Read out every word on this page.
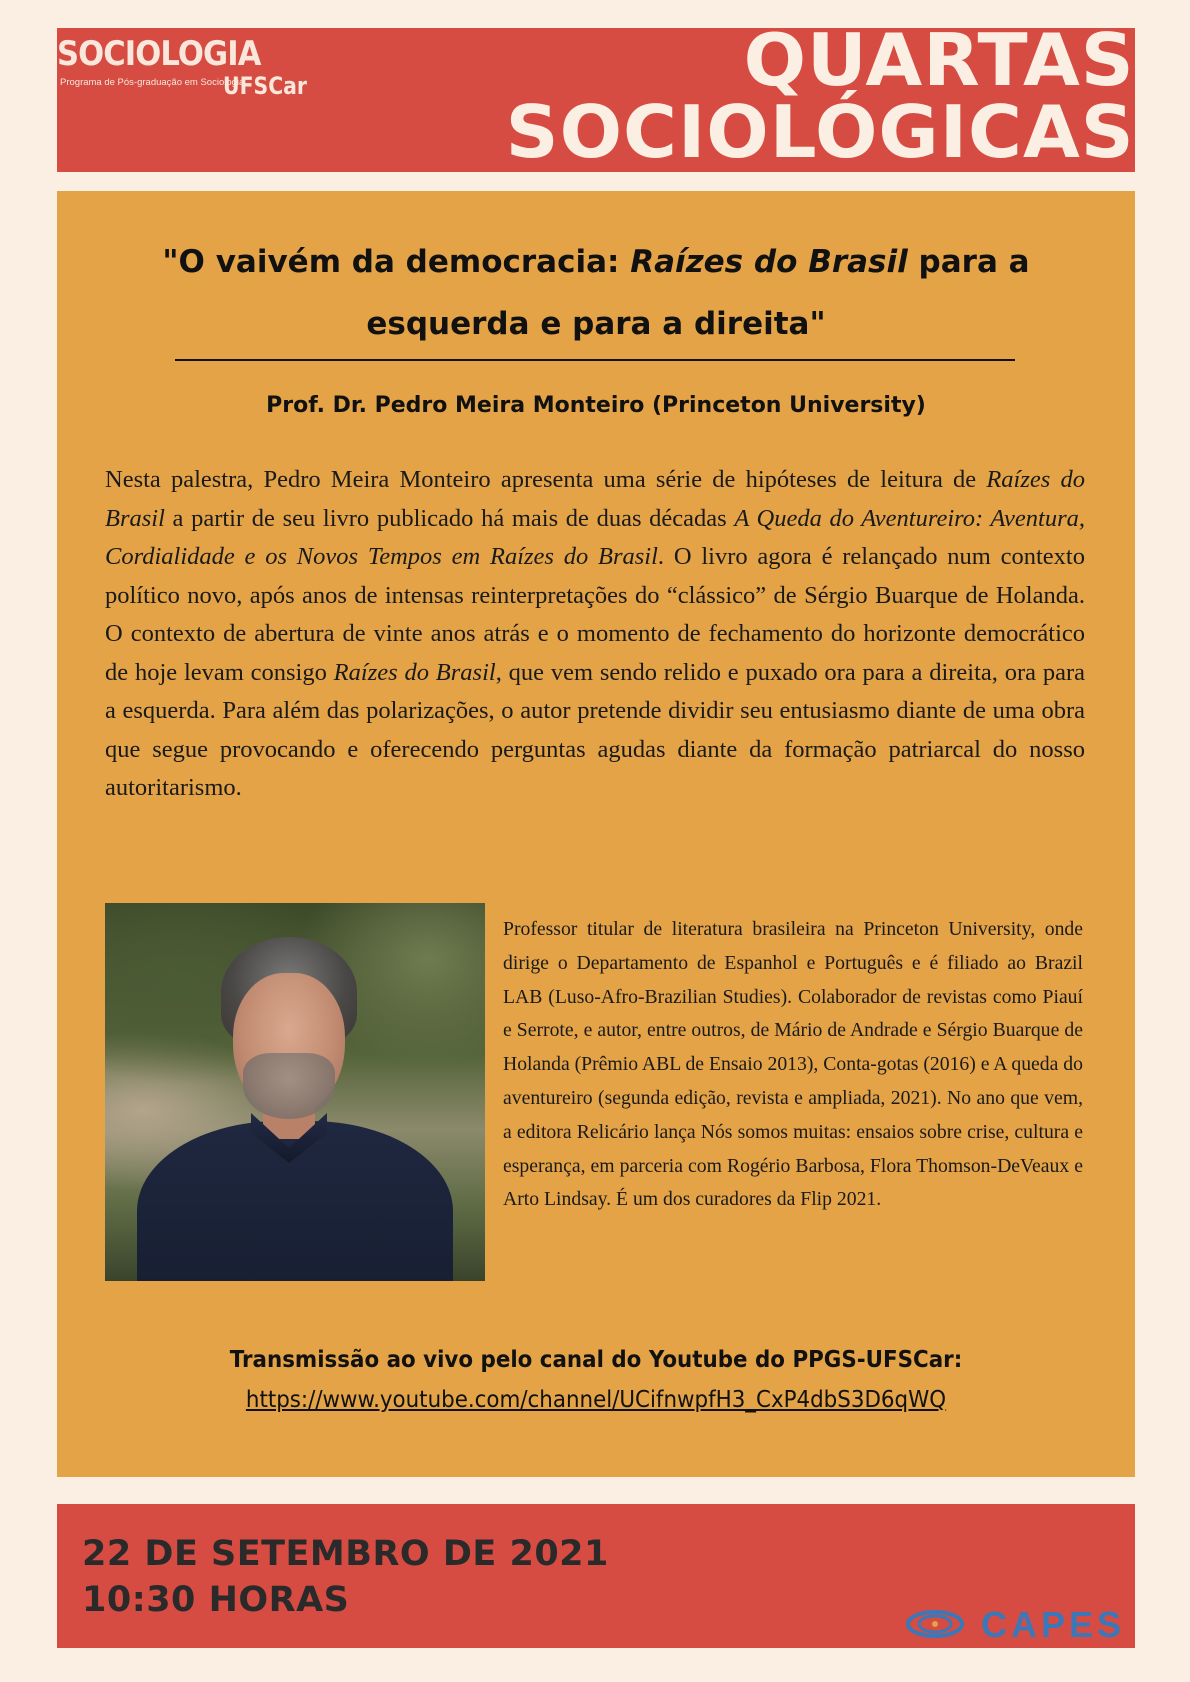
SOCIOLOGIA
Programa de Pós-graduação em Sociologia
UFSCar	QUARTAS
SOCIOLÓGICAS
"O vaivém da democracia: Raízes do Brasil para a esquerda e para a direita"
Prof. Dr. Pedro Meira Monteiro (Princeton University)
Nesta palestra, Pedro Meira Monteiro apresenta uma série de hipóteses de leitura de Raízes do Brasil a partir de seu livro publicado há mais de duas décadas A Queda do Aventureiro: Aventura, Cordialidade e os Novos Tempos em Raízes do Brasil. O livro agora é relançado num contexto político novo, após anos de intensas reinterpretações do “clássico” de Sérgio Buarque de Holanda. O contexto de abertura de vinte anos atrás e o momento de fechamento do horizonte democrático de hoje levam consigo Raízes do Brasil, que vem sendo relido e puxado ora para a direita, ora para a esquerda. Para além das polarizações, o autor pretende dividir seu entusiasmo diante de uma obra que segue provocando e oferecendo perguntas agudas diante da formação patriarcal do nosso autoritarismo.
Professor titular de literatura brasileira na Princeton University, onde dirige o Departamento de Espanhol e Português e é filiado ao Brazil LAB (Luso-Afro-Brazilian Studies). Colaborador de revistas como Piauí e Serrote, e autor, entre outros, de Mário de Andrade e Sérgio Buarque de Holanda (Prêmio ABL de Ensaio 2013), Conta-gotas (2016) e A queda do aventureiro (segunda edição, revista e ampliada, 2021). No ano que vem, a editora Relicário lança Nós somos muitas: ensaios sobre crise, cultura e esperança, em parceria com Rogério Barbosa, Flora Thomson-DeVeaux e Arto Lindsay. É um dos curadores da Flip 2021.
Transmissão ao vivo pelo canal do Youtube do PPGS-UFSCar:
https://www.youtube.com/channel/UCifnwpfH3_CxP4dbS3D6qWQ
22 DE SETEMBRO DE 2021
10:30 HORAS
CAPES
